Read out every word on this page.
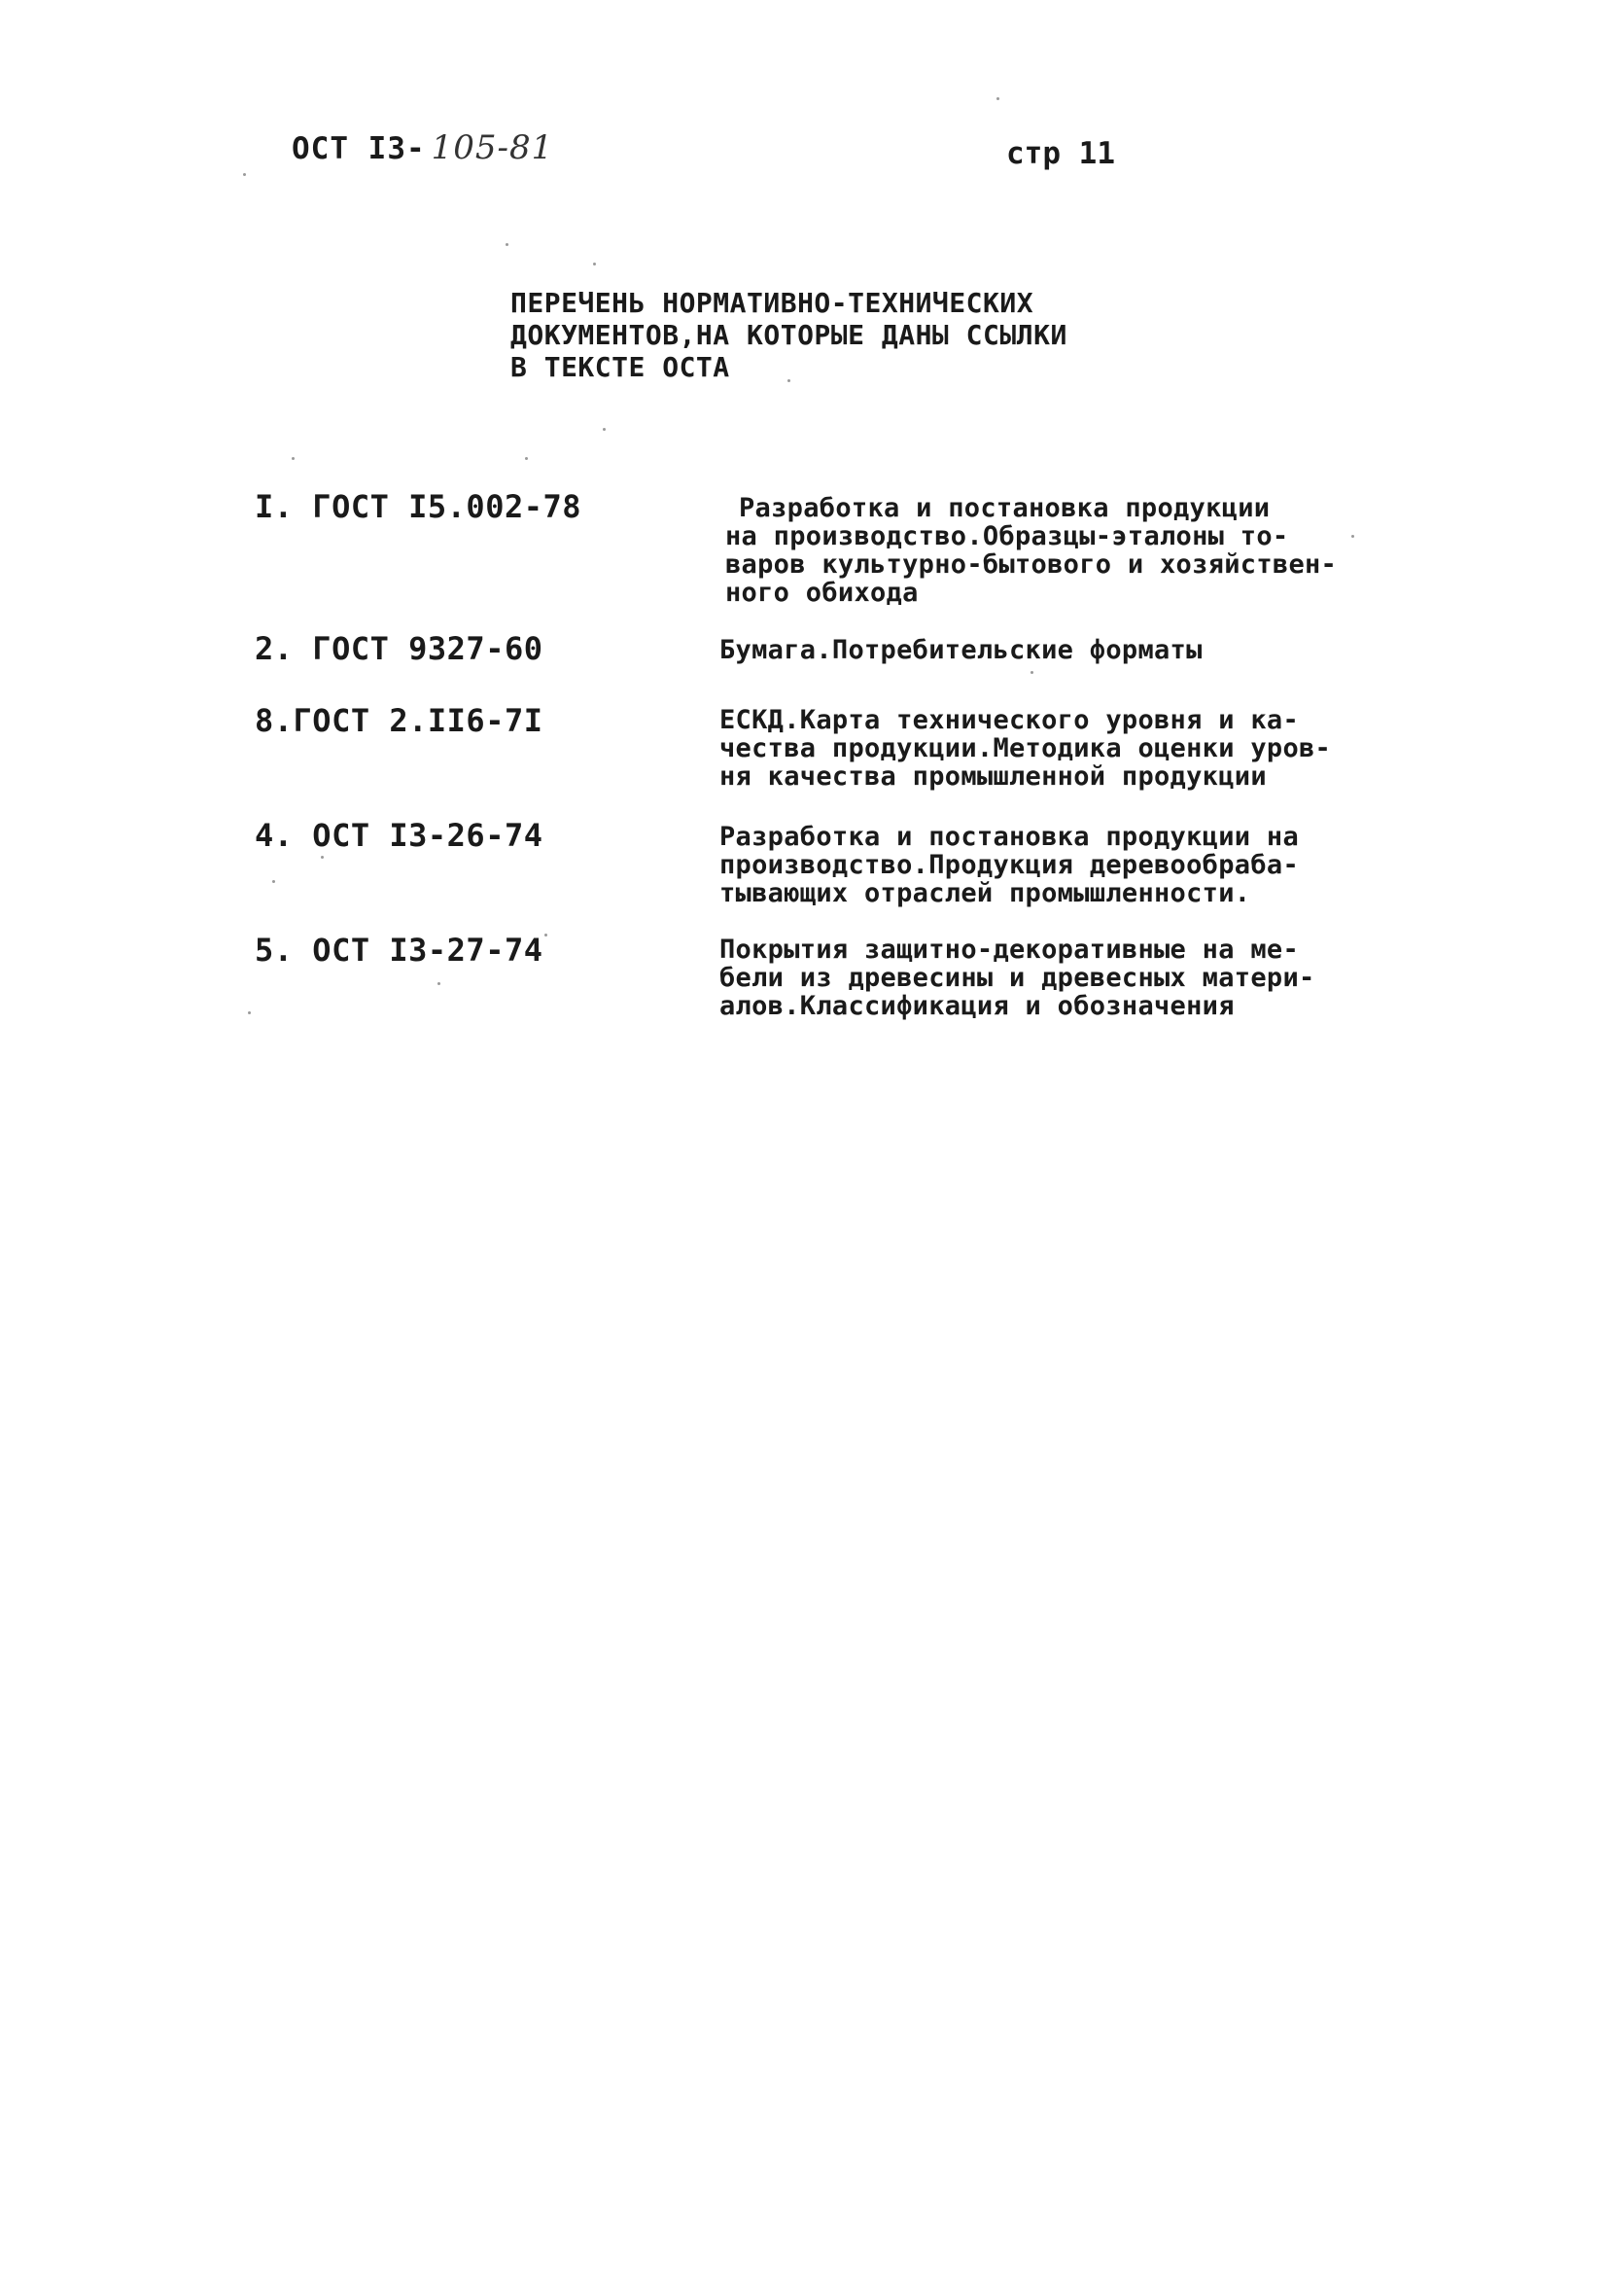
ОСТ I3- 105-81	стр 11
ПЕРЕЧЕНЬ НОРМАТИВНО-ТЕХНИЧЕСКИХ
ДОКУМЕНТОВ,НА КОТОРЫЕ ДАНЫ ССЫЛКИ
В ТЕКСТЕ ОСТА
I. ГОСТ I5.002-78	Разработка и постановка продукции
на производство.Образцы-эталоны то-
варов культурно-бытового и хозяйствен-
ного обихода
2. ГОСТ 9327-60	Бумага.Потребительские форматы
8.ГОСТ 2.II6-7I	ЕСКД.Карта технического уровня и ка-
чества продукции.Методика оценки уров-
ня качества промышленной продукции
4. ОСТ I3-26-74	Разработка и постановка продукции на
производство.Продукция деревообраба-
тывающих отраслей промышленности.
5. ОСТ I3-27-74	Покрытия защитно-декоративные на ме-
бели из древесины и древесных матери-
алов.Классификация и обозначения
